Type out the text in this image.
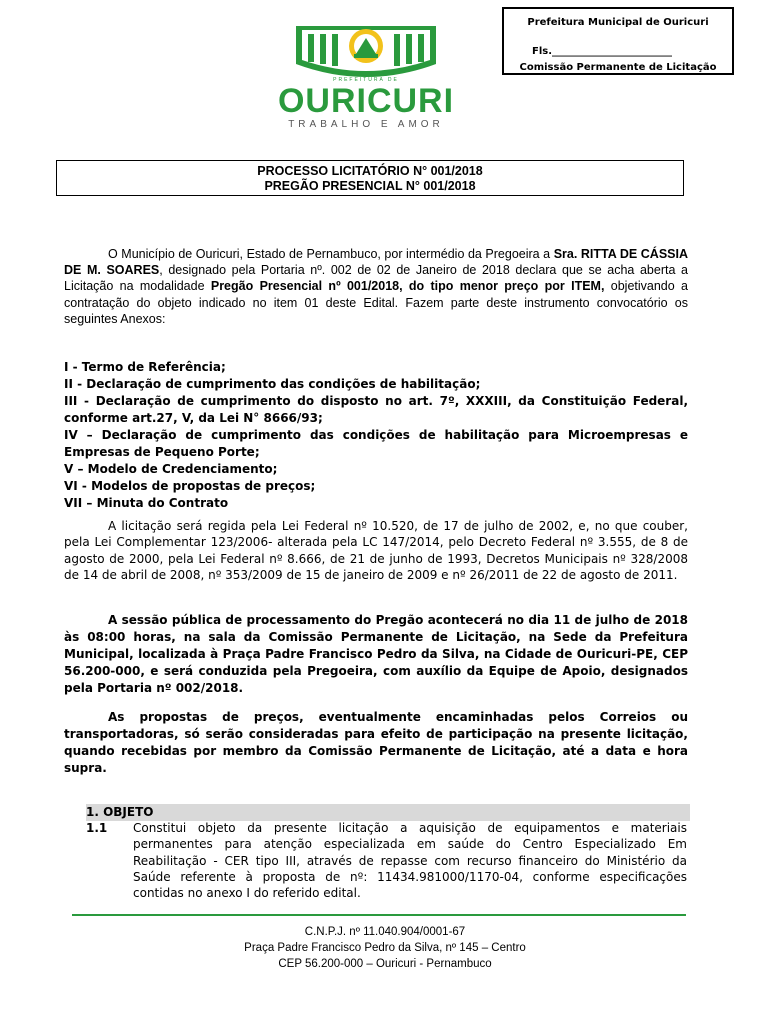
PREFEITURA DE
OURICURI
TRABALHO E AMOR
Prefeitura Municipal de Ouricuri
Fls.________________________
Comissão Permanente de Licitação
PROCESSO LICITATÓRIO N° 001/2018
PREGÃO PRESENCIAL N° 001/2018
O Município de Ouricuri, Estado de Pernambuco, por intermédio da Pregoeira a Sra. RITTA DE CÁSSIA DE M. SOARES, designado pela Portaria nº. 002 de 02 de Janeiro de 2018 declara que se acha aberta a Licitação na modalidade Pregão Presencial nº 001/2018, do tipo menor preço por ITEM, objetivando a contratação do objeto indicado no item 01 deste Edital. Fazem parte deste instrumento convocatório os seguintes Anexos:
I - Termo de Referência;
II - Declaração de cumprimento das condições de habilitação;
III - Declaração de cumprimento do disposto no art. 7º, XXXIII, da Constituição Federal, conforme art.27, V, da Lei N° 8666/93;
IV – Declaração de cumprimento das condições de habilitação para Microempresas e Empresas de Pequeno Porte;
V – Modelo de Credenciamento;
VI - Modelos de propostas de preços;
VII – Minuta do Contrato
A licitação será regida pela Lei Federal nº 10.520, de 17 de julho de 2002, e, no que couber, pela Lei Complementar 123/2006- alterada pela LC 147/2014, pelo Decreto Federal nº 3.555, de 8 de agosto de 2000, pela Lei Federal nº 8.666, de 21 de junho de 1993, Decretos Municipais nº 328/2008 de 14 de abril de 2008, nº 353/2009 de 15 de janeiro de 2009 e nº 26/2011 de 22 de agosto de 2011.
A sessão pública de processamento do Pregão acontecerá no dia 11 de julho de 2018 às 08:00 horas, na sala da Comissão Permanente de Licitação, na Sede da Prefeitura Municipal, localizada à Praça Padre Francisco Pedro da Silva, na Cidade de Ouricuri-PE, CEP 56.200-000, e será conduzida pela Pregoeira, com auxílio da Equipe de Apoio, designados pela Portaria nº 002/2018.
As propostas de preços, eventualmente encaminhadas pelos Correios ou transportadoras, só serão consideradas para efeito de participação na presente licitação, quando recebidas por membro da Comissão Permanente de Licitação, até a data e hora supra.
1. OBJETO
1.1 Constitui objeto da presente licitação a aquisição de equipamentos e materiais permanentes para atenção especializada em saúde do Centro Especializado Em Reabilitação - CER tipo III, através de repasse com recurso financeiro do Ministério da Saúde referente à proposta de nº: 11434.981000/1170-04, conforme especificações contidas no anexo I do referido edital.
C.N.P.J. nº 11.040.904/0001-67
Praça Padre Francisco Pedro da Silva, nº 145 – Centro
CEP 56.200-000 – Ouricuri - Pernambuco
